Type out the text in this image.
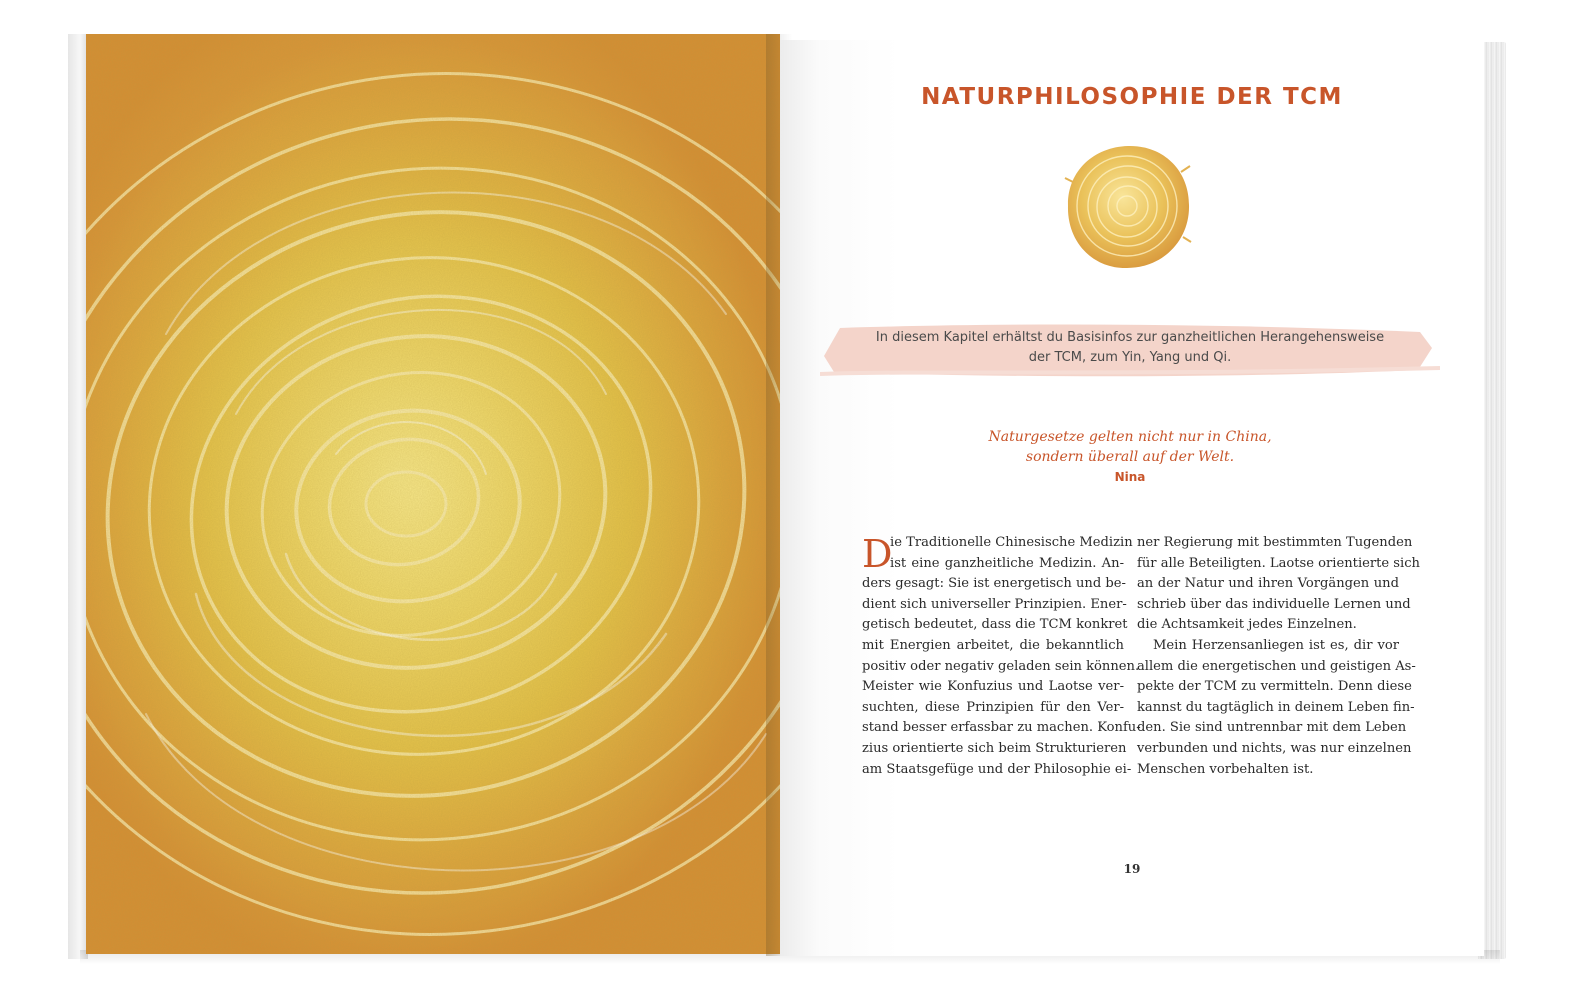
NATURPHILOSOPHIE DER TCM
In diesem Kapitel erhältst du Basisinfos zur ganzheitlichen Herangehensweise
der TCM, zum Yin, Yang und Qi.
Naturgesetze gelten nicht nur in China,
sondern überall auf der Welt.
Nina
D
ie Traditionelle Chinesische Medizin
ist eine ganzheitliche Medizin. An-
ders gesagt: Sie ist energetisch und be-
dient sich universeller Prinzipien. Ener-
getisch bedeutet, dass die TCM konkret
mit Energien arbeitet, die bekanntlich
positiv oder negativ geladen sein können.
Meister wie Konfuzius und Laotse ver-
suchten, diese Prinzipien für den Ver-
stand besser erfassbar zu machen. Konfu-
zius orientierte sich beim Strukturieren
am Staatsgefüge und der Philosophie ei-
ner Regierung mit bestimmten Tugenden
für alle Beteiligten. Laotse orientierte sich
an der Natur und ihren Vorgängen und
schrieb über das individuelle Lernen und
die Achtsamkeit jedes Einzelnen.
Mein Herzensanliegen ist es, dir vor
allem die energetischen und geistigen As-
pekte der TCM zu vermitteln. Denn diese
kannst du tagtäglich in deinem Leben fin-
den. Sie sind untrennbar mit dem Leben
verbunden und nichts, was nur einzelnen
Menschen vorbehalten ist.
19
